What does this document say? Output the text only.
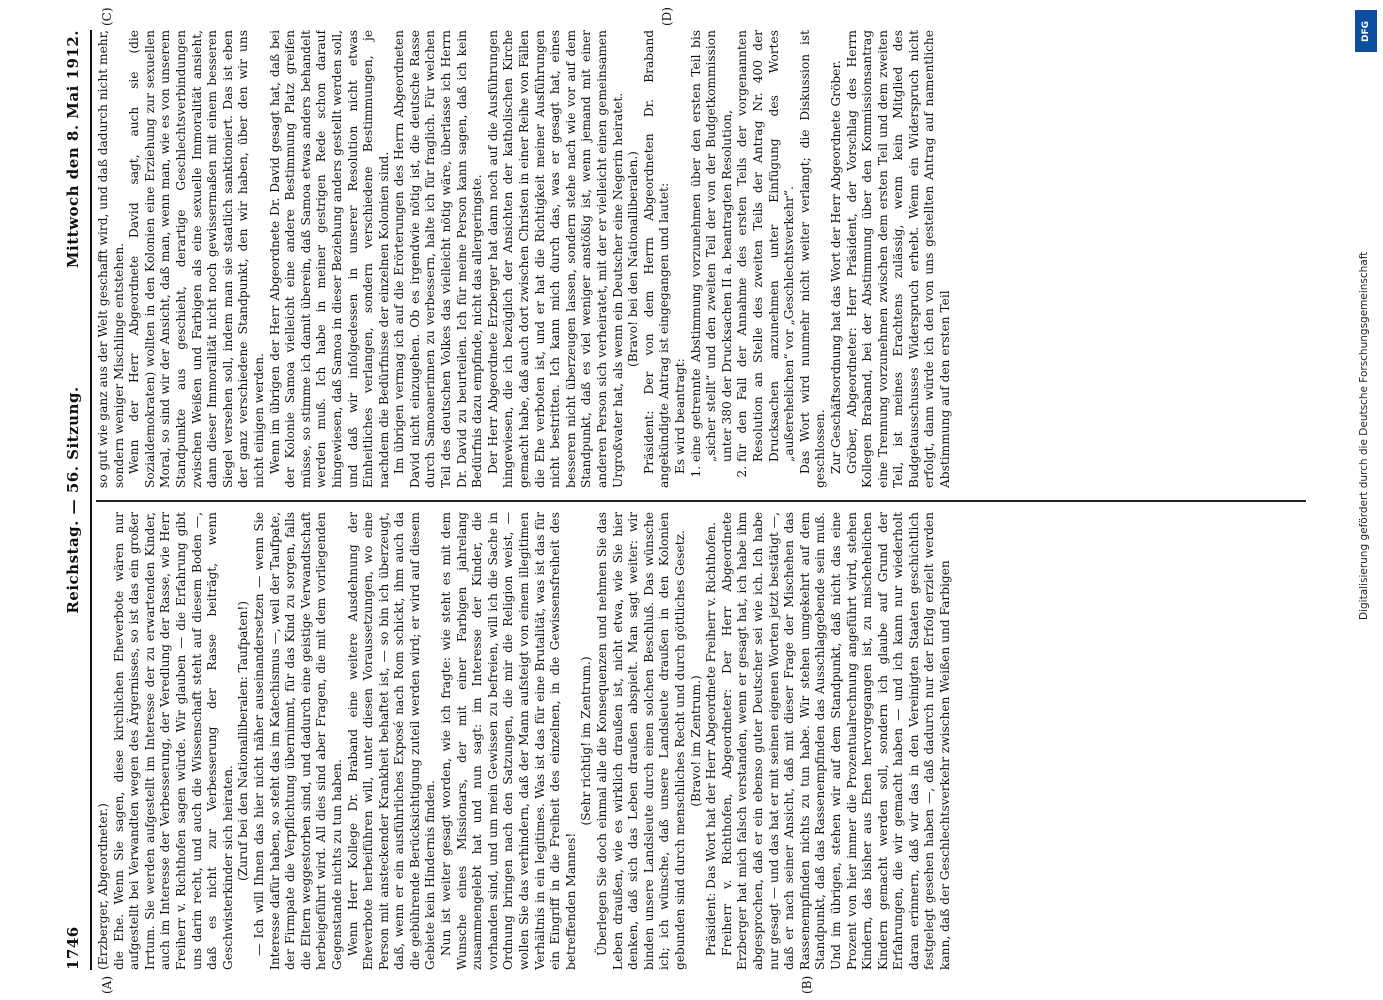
1746
Reichstag. — 56. Sitzung.
Mittwoch den 8. Mai 1912.
(A)	(B)
(C)	(D)

(Erzberger, Abgeordneter.) die Ehe. Wenn Sie sagen, diese kirchlichen Eheverbote wären nur aufgestellt bei Verwandten wegen des Ärgernisses, so ist das ein großer Irrtum. Sie werden aufgestellt im Interesse der zu erwartenden Kinder, auch im Interesse der Verbesserung, der Veredlung der Rasse, wie Herr Freiherr v. Richthofen sagen würde. Wir glauben — die Erfahrung gibt uns darin recht, und auch die Wissenschaft steht auf diesem Boden —, daß es nicht zur Verbesserung der Rasse beiträgt, wenn Geschwisterkinder sich heiraten. (Zuruf bei den Nationalliberalen: Taufpaten!) — Ich will Ihnen das hier nicht näher auseinandersetzen — wenn Sie Interesse dafür haben, so steht das im Katechismus —, weil der Taufpate, der Firmpate die Verpflichtung übernimmt, für das Kind zu sorgen, falls die Eltern weggestorben sind, und dadurch eine geistige Verwandtschaft herbeigeführt wird. All dies sind aber Fragen, die mit dem vorliegenden Gegenstande nichts zu tun haben. Wenn Herr Kollege Dr. Braband eine weitere Ausdehnung der Eheverbote herbeiführen will, unter diesen Voraussetzungen, wo eine Person mit ansteckender Krankheit behaftet ist, — so bin ich überzeugt, daß, wenn er ein ausführliches Exposé nach Rom schickt, ihm auch da die gebührende Berücksichtigung zuteil werden wird; er wird auf diesem Gebiete kein Hindernis finden. Nun ist weiter gesagt worden, wie ich fragte: wie steht es mit dem Wunsche eines Missionars, der mit einer Farbigen jahrelang zusammengelebt hat und nun sagt: im Interesse der Kinder, die vorhanden sind, und um mein Gewissen zu befreien, will ich die Sache in Ordnung bringen nach den Satzungen, die mir die Religion weist, — wollen Sie das verhindern, daß der Mann aufsteigt von einem illegitimen Verhältnis in ein legitimes. Was ist das für eine Brutalität, was ist das für ein Eingriff in die Freiheit des einzelnen, in die Gewissensfreiheit des betreffenden Mannes!

(Sehr richtig! im Zentrum.) Überlegen Sie doch einmal alle die Konsequenzen und nehmen Sie das Leben draußen, wie es wirklich draußen ist, nicht etwa, wie Sie hier denken, daß sich das Leben draußen abspielt. Man sagt weiter: wir binden unsere Landsleute durch einen solchen Beschluß. Das wünsche ich; ich wünsche, daß unsere Landsleute draußen in den Kolonien gebunden sind durch menschliches Recht und durch göttliches Gesetz. (Bravo! im Zentrum.) Präsident: Das Wort hat der Herr Abgeordnete Freiherr v. Richthofen. Freiherr v. Richthofen, Abgeordneter: Der Herr Abgeordnete Erzberger hat mich falsch verstanden, wenn er gesagt hat, ich habe ihm abgesprochen, daß er ein ebenso guter Deutscher sei wie ich. Ich habe nur gesagt — und das hat er mit seinen eigenen Worten jetzt bestätigt —, daß er nach seiner Ansicht, daß mit dieser Frage der Mischehen das Rassenempfinden nichts zu tun habe. Wir stehen umgekehrt auf dem Standpunkt, daß das Rassenempfinden das Ausschlaggebende sein muß. Und im übrigen, stehen wir auf dem Standpunkt, daß nicht das eine Prozent von hier immer die Prozentualrechnung angeführt wird, stehen Kindern, das bisher aus Ehen hervorgegangen ist, zu mischehelichen Kindern gemacht werden soll, sondern ich glaube auf Grund der Erfahrungen, die wir gemacht haben — und ich kann nur wiederholt daran erinnern, daß wir das in den Vereinigten Staaten geschichtlich festgelegt gesehen haben —, daß dadurch nur der Erfolg erzielt werden kann, daß der Geschlechtsverkehr zwischen Weißen und Farbigen

so gut wie ganz aus der Welt geschafft wird, und daß dadurch nicht mehr, sondern weniger Mischlinge entstehen. Wenn der Herr Abgeordnete David sagt, auch sie (die Sozialdemokraten) wollten in den Kolonien eine Erziehung zur sexuellen Moral, so sind wir der Ansicht, daß man, wenn man, wie es von unserem Standpunkte aus geschieht, derartige Geschlechtsverbindungen zwischen Weißen und Farbigen als eine sexuelle Immoralität ansieht, dann dieser Immoralität nicht noch gewissermaßen mit einem besseren Siegel versehen soll, indem man sie staatlich sanktioniert. Das ist eben der ganz verschiedene Standpunkt, den wir haben, über den wir uns nicht einigen werden. Wenn im übrigen der Herr Abgeordnete Dr. David gesagt hat, daß bei der Kolonie Samoa vielleicht eine andere Bestimmung Platz greifen müsse, so stimme ich damit überein, daß Samoa etwas anders behandelt werden muß. Ich habe in meiner gestrigen Rede schon darauf hingewiesen, daß Samoa in dieser Beziehung anders gestellt werden soll, und daß wir infolgedessen in unserer Resolution nicht etwas Einheitliches verlangen, sondern verschiedene Bestimmungen, je nachdem die Bedürfnisse der einzelnen Kolonien sind. Im übrigen vermag ich auf die Erörterungen des Herrn Abgeordneten David nicht einzugehen. Ob es irgendwie nötig ist, die deutsche Rasse durch Samoanerinnen zu verbessern, halte ich für fraglich. Für welchen Teil des deutschen Volkes das vielleicht nötig wäre, überlasse ich Herrn Dr. David zu beurteilen. Ich für meine Person kann sagen, daß ich kein Bedürfnis dazu empfinde, nicht das allergeringste. Der Herr Abgeordnete Erzberger hat dann noch auf die Ausführungen hingewiesen, die ich bezüglich der Ansichten der katholischen Kirche gemacht habe, daß auch dort zwischen Christen in einer Reihe von Fällen die Ehe verboten ist, und er hat die Richtigkeit meiner Ausführungen nicht bestritten. Ich kann mich durch das, was er gesagt hat, eines besseren nicht überzeugen lassen, sondern stehe nach wie vor auf dem Standpunkt, daß es viel weniger anstößig ist, wenn jemand mit einer anderen Person sich verheiratet, mit der er vielleicht einen gemeinsamen Urgroßvater hat, als wenn ein Deutscher eine Negerin heiratet. (Bravo! bei den Nationalliberalen.) Präsident: Der von dem Herrn Abgeordneten Dr. Braband angekündigte Antrag ist eingegangen und lautet: Es wird beantragt: 1. eine getrennte Abstimmung vorzunehmen über den ersten Teil bis „sicher stellt“ und den zweiten Teil der von der Budgetkommission unter 380 der Drucksachen II a. beantragten Resolution, 2. für den Fall der Annahme des ersten Teils der vorgenannten Resolution an Stelle des zweiten Teils der Antrag Nr. 400 der Drucksachen anzunehmen unter Einfügung des Wortes „außerehelichen“ vor „Geschlechtsverkehr“. Das Wort wird nunmehr nicht weiter verlangt; die Diskussion ist geschlossen. Zur Geschäftsordnung hat das Wort der Herr Abgeordnete Gröber. Gröber, Abgeordneter: Herr Präsident, der Vorschlag des Herrn Kollegen Braband, bei der Abstimmung über den Kommissionsantrag eine Trennung vorzunehmen zwischen dem ersten Teil und dem zweiten Teil, ist meines Erachtens zulässig, wenn kein Mitglied des Budgetausschusses Widerspruch erhebt. Wenn ein Widerspruch nicht erfolgt, dann würde ich den von uns gestellten Antrag auf namentliche Abstimmung auf den ersten Teil

DFG
Digitalisierung gefördert durch die Deutsche Forschungsgemeinschaft
